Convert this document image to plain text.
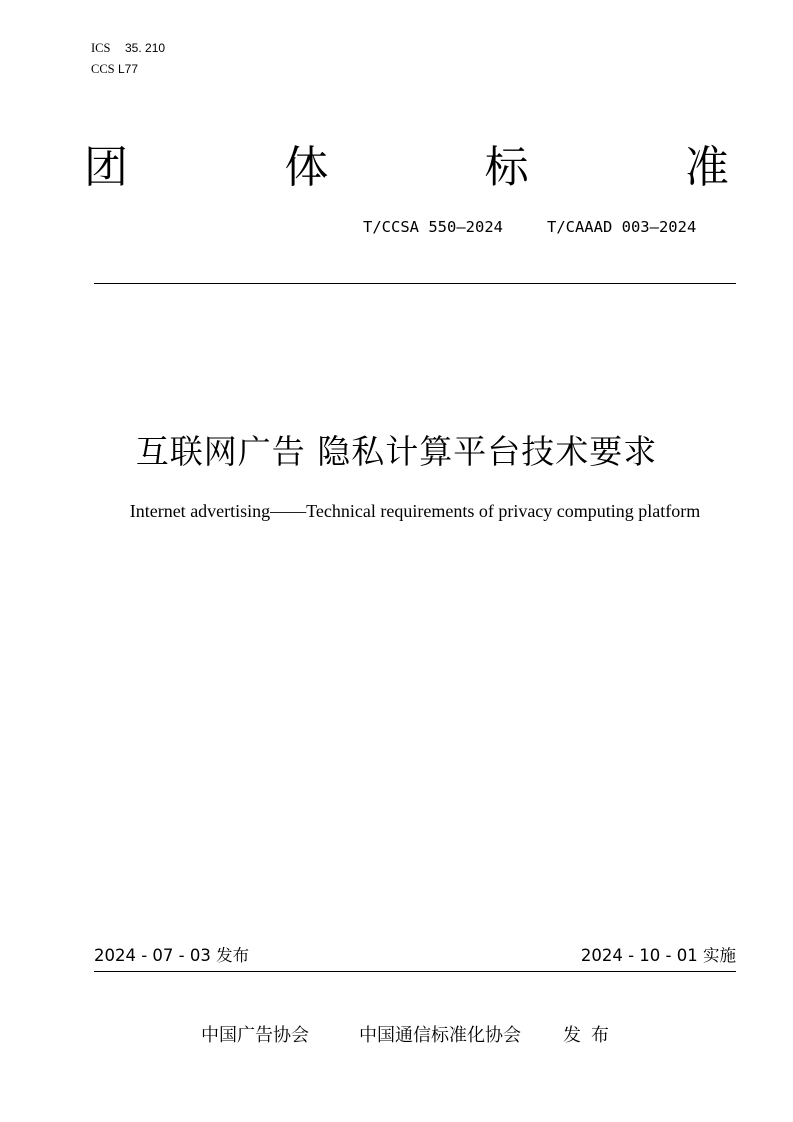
ICS	35. 210
CCS L77
团	体	标	准
T/CCSA 550—2024	T/CAAAD 003—2024
互联网广告 隐私计算平台技术要求
Internet advertising——Technical requirements of privacy computing platform
2024 - 07 - 03 发布	2024 - 10 - 01 实施
中国广告协会	中国通信标准化协会	发布
